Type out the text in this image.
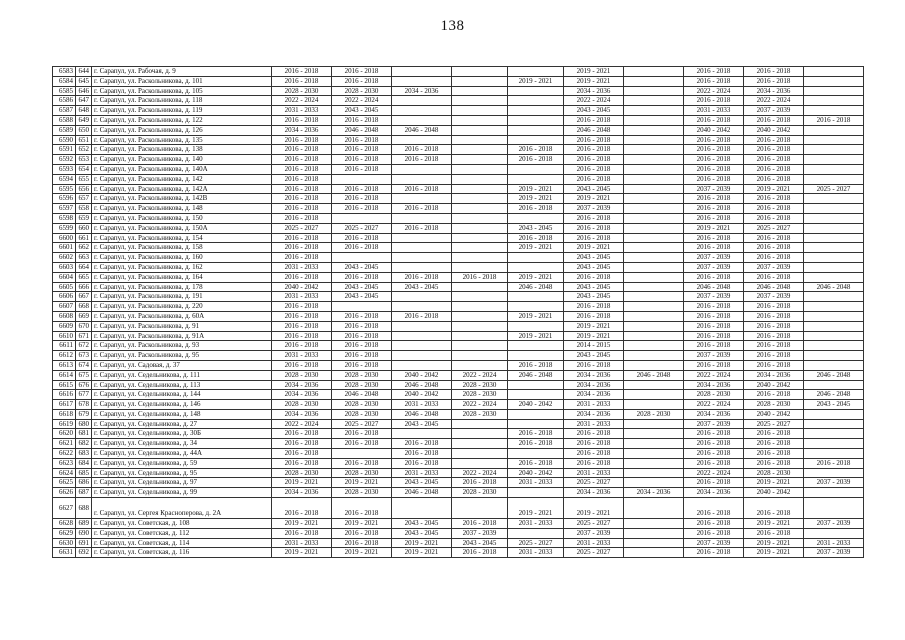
138
6583	644	г. Сарапул, ул. Рабочая, д. 9	2016 - 2018	2016 - 2018				2019 - 2021		2016 - 2018	2016 - 2018	
6584	645	г. Сарапул, ул. Раскольникова, д. 101	2016 - 2018	2016 - 2018			2019 - 2021	2019 - 2021		2016 - 2018	2016 - 2018	
6585	646	г. Сарапул, ул. Раскольникова, д. 105	2028 - 2030	2028 - 2030	2034 - 2036			2034 - 2036		2022 - 2024	2034 - 2036	
6586	647	г. Сарапул, ул. Раскольникова, д. 118	2022 - 2024	2022 - 2024				2022 - 2024		2016 - 2018	2022 - 2024	
6587	648	г. Сарапул, ул. Раскольникова, д. 119	2031 - 2033	2043 - 2045				2043 - 2045		2031 - 2033	2037 - 2039	
6588	649	г. Сарапул, ул. Раскольникова, д. 122	2016 - 2018	2016 - 2018				2016 - 2018		2016 - 2018	2016 - 2018	2016 - 2018
6589	650	г. Сарапул, ул. Раскольникова, д. 126	2034 - 2036	2046 - 2048	2046 - 2048			2046 - 2048		2040 - 2042	2040 - 2042	
6590	651	г. Сарапул, ул. Раскольникова, д. 135	2016 - 2018	2016 - 2018				2016 - 2018		2016 - 2018	2016 - 2018	
6591	652	г. Сарапул, ул. Раскольникова, д. 138	2016 - 2018	2016 - 2018	2016 - 2018		2016 - 2018	2016 - 2018		2016 - 2018	2016 - 2018	
6592	653	г. Сарапул, ул. Раскольникова, д. 140	2016 - 2018	2016 - 2018	2016 - 2018		2016 - 2018	2016 - 2018		2016 - 2018	2016 - 2018	
6593	654	г. Сарапул, ул. Раскольникова, д. 140А	2016 - 2018	2016 - 2018				2016 - 2018		2016 - 2018	2016 - 2018	
6594	655	г. Сарапул, ул. Раскольникова, д. 142	2016 - 2018					2016 - 2018		2016 - 2018	2016 - 2018	
6595	656	г. Сарапул, ул. Раскольникова, д. 142А	2016 - 2018	2016 - 2018	2016 - 2018		2019 - 2021	2043 - 2045		2037 - 2039	2019 - 2021	2025 - 2027
6596	657	г. Сарапул, ул. Раскольникова, д. 142В	2016 - 2018	2016 - 2018			2019 - 2021	2019 - 2021		2016 - 2018	2016 - 2018	
6597	658	г. Сарапул, ул. Раскольникова, д. 148	2016 - 2018	2016 - 2018	2016 - 2018		2016 - 2018	2037 - 2039		2016 - 2018	2016 - 2018	
6598	659	г. Сарапул, ул. Раскольникова, д. 150	2016 - 2018					2016 - 2018		2016 - 2018	2016 - 2018	
6599	660	г. Сарапул, ул. Раскольникова, д. 150А	2025 - 2027	2025 - 2027	2016 - 2018		2043 - 2045	2016 - 2018		2019 - 2021	2025 - 2027	
6600	661	г. Сарапул, ул. Раскольникова, д. 154	2016 - 2018	2016 - 2018			2016 - 2018	2016 - 2018		2016 - 2018	2016 - 2018	
6601	662	г. Сарапул, ул. Раскольникова, д. 158	2016 - 2018	2016 - 2018			2019 - 2021	2019 - 2021		2016 - 2018	2016 - 2018	
6602	663	г. Сарапул, ул. Раскольникова, д. 160	2016 - 2018					2043 - 2045		2037 - 2039	2016 - 2018	
6603	664	г. Сарапул, ул. Раскольникова, д. 162	2031 - 2033	2043 - 2045				2043 - 2045		2037 - 2039	2037 - 2039	
6604	665	г. Сарапул, ул. Раскольникова, д. 164	2016 - 2018	2016 - 2018	2016 - 2018	2016 - 2018	2019 - 2021	2016 - 2018		2016 - 2018	2016 - 2018	
6605	666	г. Сарапул, ул. Раскольникова, д. 178	2040 - 2042	2043 - 2045	2043 - 2045		2046 - 2048	2043 - 2045		2046 - 2048	2046 - 2048	2046 - 2048
6606	667	г. Сарапул, ул. Раскольникова, д. 191	2031 - 2033	2043 - 2045				2043 - 2045		2037 - 2039	2037 - 2039	
6607	668	г. Сарапул, ул. Раскольникова, д. 220	2016 - 2018					2016 - 2018		2016 - 2018	2016 - 2018	
6608	669	г. Сарапул, ул. Раскольникова, д. 60А	2016 - 2018	2016 - 2018	2016 - 2018		2019 - 2021	2016 - 2018		2016 - 2018	2016 - 2018	
6609	670	г. Сарапул, ул. Раскольникова, д. 91	2016 - 2018	2016 - 2018				2019 - 2021		2016 - 2018	2016 - 2018	
6610	671	г. Сарапул, ул. Раскольникова, д. 91А	2016 - 2018	2016 - 2018			2019 - 2021	2019 - 2021		2016 - 2018	2016 - 2018	
6611	672	г. Сарапул, ул. Раскольникова, д. 93	2016 - 2018	2016 - 2018				2014 - 2015		2016 - 2018	2016 - 2018	
6612	673	г. Сарапул, ул. Раскольникова, д. 95	2031 - 2033	2016 - 2018				2043 - 2045		2037 - 2039	2016 - 2018	
6613	674	г. Сарапул, ул. Садовая, д. 37	2016 - 2018	2016 - 2018			2016 - 2018	2016 - 2018		2016 - 2018	2016 - 2018	
6614	675	г. Сарапул, ул. Седельникова, д. 111	2028 - 2030	2028 - 2030	2040 - 2042	2022 - 2024	2046 - 2048	2034 - 2036	2046 - 2048	2022 - 2024	2034 - 2036	2046 - 2048
6615	676	г. Сарапул, ул. Седельникова, д. 113	2034 - 2036	2028 - 2030	2046 - 2048	2028 - 2030		2034 - 2036		2034 - 2036	2040 - 2042	
6616	677	г. Сарапул, ул. Седельникова, д. 144	2034 - 2036	2046 - 2048	2040 - 2042	2028 - 2030		2034 - 2036		2028 - 2030	2016 - 2018	2046 - 2048
6617	678	г. Сарапул, ул. Седельникова, д. 146	2028 - 2030	2028 - 2030	2031 - 2033	2022 - 2024	2040 - 2042	2031 - 2033		2022 - 2024	2028 - 2030	2043 - 2045
6618	679	г. Сарапул, ул. Седельникова, д. 148	2034 - 2036	2028 - 2030	2046 - 2048	2028 - 2030		2034 - 2036	2028 - 2030	2034 - 2036	2040 - 2042	
6619	680	г. Сарапул, ул. Седельникова, д. 27	2022 - 2024	2025 - 2027	2043 - 2045			2031 - 2033		2037 - 2039	2025 - 2027	
6620	681	г. Сарапул, ул. Седельникова, д. 30Б	2016 - 2018	2016 - 2018			2016 - 2018	2016 - 2018		2016 - 2018	2016 - 2018	
6621	682	г. Сарапул, ул. Седельникова, д. 34	2016 - 2018	2016 - 2018	2016 - 2018		2016 - 2018	2016 - 2018		2016 - 2018	2016 - 2018	
6622	683	г. Сарапул, ул. Седельникова, д. 44А	2016 - 2018		2016 - 2018			2016 - 2018		2016 - 2018	2016 - 2018	
6623	684	г. Сарапул, ул. Седельникова, д. 59	2016 - 2018	2016 - 2018	2016 - 2018		2016 - 2018	2016 - 2018		2016 - 2018	2016 - 2018	2016 - 2018
6624	685	г. Сарапул, ул. Седельникова, д. 95	2028 - 2030	2028 - 2030	2031 - 2033	2022 - 2024	2040 - 2042	2031 - 2033		2022 - 2024	2028 - 2030	
6625	686	г. Сарапул, ул. Седельникова, д. 97	2019 - 2021	2019 - 2021	2043 - 2045	2016 - 2018	2031 - 2033	2025 - 2027		2016 - 2018	2019 - 2021	2037 - 2039
6626	687	г. Сарапул, ул. Седельникова, д. 99	2034 - 2036	2028 - 2030	2046 - 2048	2028 - 2030		2034 - 2036	2034 - 2036	2034 - 2036	2040 - 2042	
6627	688	г. Сарапул, ул. Сергея Красноперова, д. 2А	2016 - 2018	2016 - 2018			2019 - 2021	2019 - 2021		2016 - 2018	2016 - 2018	
6628	689	г. Сарапул, ул. Советская, д. 108	2019 - 2021	2019 - 2021	2043 - 2045	2016 - 2018	2031 - 2033	2025 - 2027		2016 - 2018	2019 - 2021	2037 - 2039
6629	690	г. Сарапул, ул. Советская, д. 112	2016 - 2018	2016 - 2018	2043 - 2045	2037 - 2039		2037 - 2039		2016 - 2018	2016 - 2018	
6630	691	г. Сарапул, ул. Советская, д. 114	2031 - 2033	2016 - 2018	2019 - 2021	2043 - 2045	2025 - 2027	2031 - 2033		2037 - 2039	2019 - 2021	2031 - 2033
6631	692	г. Сарапул, ул. Советская, д. 116	2019 - 2021	2019 - 2021	2019 - 2021	2016 - 2018	2031 - 2033	2025 - 2027		2016 - 2018	2019 - 2021	2037 - 2039
